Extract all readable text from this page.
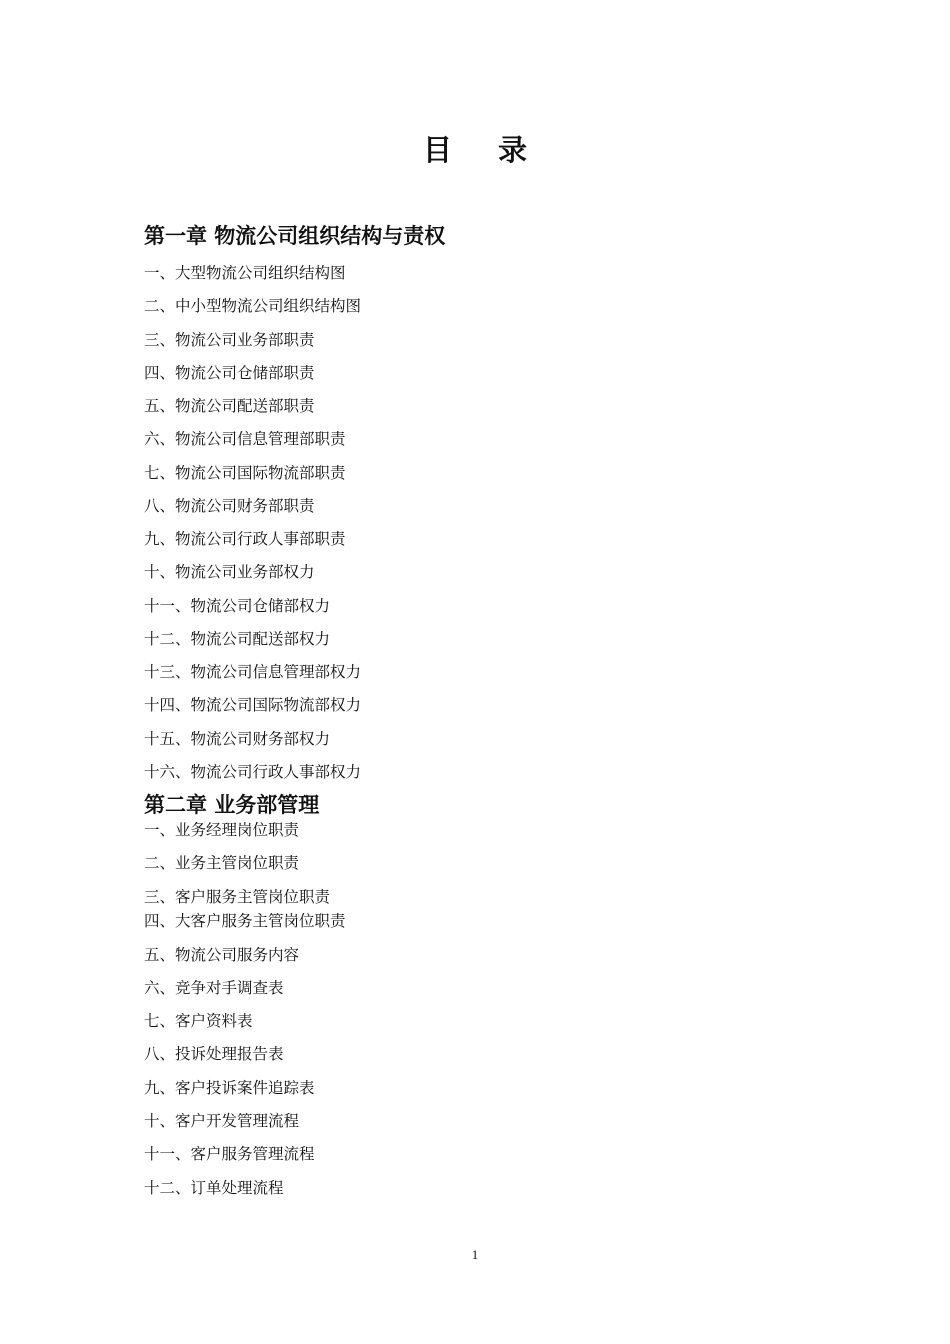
目 录
第一章 物流公司组织结构与责权
一、大型物流公司组织结构图
二、中小型物流公司组织结构图
三、物流公司业务部职责
四、物流公司仓储部职责
五、物流公司配送部职责
六、物流公司信息管理部职责
七、物流公司国际物流部职责
八、物流公司财务部职责
九、物流公司行政人事部职责
十、物流公司业务部权力
十一、物流公司仓储部权力
十二、物流公司配送部权力
十三、物流公司信息管理部权力
十四、物流公司国际物流部权力
十五、物流公司财务部权力
十六、物流公司行政人事部权力
第二章 业务部管理
一、业务经理岗位职责
二、业务主管岗位职责
三、客户服务主管岗位职责
四、大客户服务主管岗位职责
五、物流公司服务内容
六、竞争对手调查表
七、客户资料表
八、投诉处理报告表
九、客户投诉案件追踪表
十、客户开发管理流程
十一、客户服务管理流程
十二、订单处理流程
1
